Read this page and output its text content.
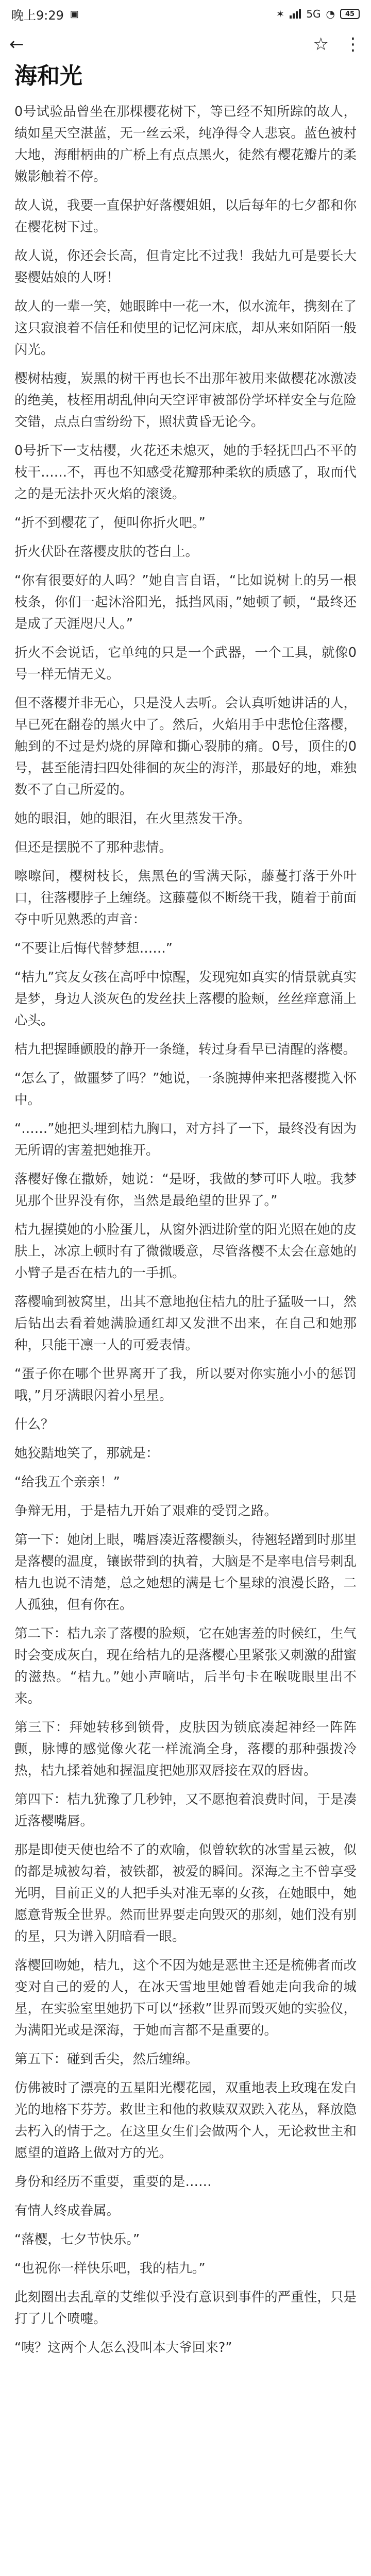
晚上9:29 ▣	✶ 5G ◔ 45
←	☆ ⋮
海和光

0号试验品曾坐在那棵樱花树下，等已经不知所踪的故人，绩如星天空湛蓝，无一丝云采，纯净得令人悲哀。蓝色被村大地，海酣柄曲的广桥上有点点黑火，徒然有樱花瓣片的柔嫩影触着不停。

故人说，我要一直保护好落樱姐姐，以后每年的七夕都和你在樱花树下过。

故人说，你还会长高，但肯定比不过我！我姑九可是要长大娶樱姑娘的人呀！

故人的一辈一笑，她眼眸中一花一木，似水流年，携刻在了这只寂浪着不信任和使里的记忆河床底，却从来如陌陌一般闪光。

樱树枯瘦，炭黑的树干再也长不出那年被用来做樱花冰激凌的绝美，枝桎用胡乱伸向天空评审被部份学坏样安全与危险交错，点点白雪纷纷下，照状黄昏无论今。

0号折下一支枯樱，火花还未熄灭，她的手轻抚凹凸不平的枝干……不，再也不知感受花瓣那种柔软的质感了，取而代之的是无法扑灭火焰的滚烫。

“折不到樱花了，便叫你折火吧。”

折火伏卧在落樱皮肤的苍白上。

“你有很要好的人吗？”她自言自语，“比如说树上的另一根枝条，你们一起沐浴阳光，抵挡风雨，”她顿了顿，“最终还是成了天涯咫尺人。”

折火不会说话，它单纯的只是一个武器，一个工具，就像0号一样无情无义。

但不落樱并非无心，只是没人去听。会认真听她讲话的人，早已死在翻卷的黑火中了。然后，火焰用手中悲怆住落樱，触到的不过是灼烧的屏障和撕心裂肺的痛。0号，顶住的0号，甚至能清扫四处徘徊的灰尘的海洋，那最好的地，难独数不了自己所爱的。

她的眼泪，她的眼泪，在火里蒸发干净。

但还是摆脱不了那种悲情。

嚓嚓间，樱树枝长，焦黑色的雪满天际，藤蔓打落于外叶口，往落樱脖子上缠绕。这藤蔓似不断绕干我，随着于前面夺中听见熟悉的声音：

“不要让后悔代替梦想……”

“桔九”宾友女孩在高呼中惊醒，发现宛如真实的情景就真实是梦，身边人淡灰色的发丝扶上落樱的脸颊，丝丝痒意涌上心头。

桔九把握睡颤股的静开一条缝，转过身看早已清醒的落樱。

“怎么了，做噩梦了吗？”她说，一条腕搏伸来把落樱揽入怀中。

“……”她把头埋到桔九胸口，对方抖了一下，最终没有因为无所谓的害羞把她推开。

落樱好像在撒娇，她说：“是呀，我做的梦可吓人啦。我梦见那个世界没有你，当然是最绝望的世界了。”

桔九握摸她的小脸蛋儿，从窗外洒进阶堂的阳光照在她的皮肤上，冰凉上顿时有了微微暖意，尽管落樱不太会在意她的小臂子是否在桔九的一手抓。

落樱喻到被窝里，出其不意地抱住桔九的肚子猛吸一口，然后钻出去看着她满脸通红却又发泄不出来，在自己和她那种，只能干凛一人的可爱表情。

“蛋子你在哪个世界离开了我，所以要对你实施小小的惩罚哦，”月牙满眼闪着小星星。

什么？

她狡黠地笑了，那就是：

“给我五个亲亲！”

争辩无用，于是桔九开始了艰难的受罚之路。

第一下：她闭上眼，嘴唇凑近落樱额头，待翘轻蹭到时那里是落樱的温度，镶嵌带到的执着，大脑是不是率电信号刺乱桔九也说不清楚，总之她想的满是七个星球的浪漫长路，二人孤独，但有你在。

第二下：桔九亲了落樱的脸颊，它在她害羞的时候红，生气时会变成灰白，现在给桔九的是落樱心里紧张又刺激的甜蜜的滋热。“桔九。”她小声嘀咕，后半句卡在喉咙眼里出不来。

第三下：拜她转移到锁骨，皮肤因为锁底凑起神经一阵阵颤，脉博的感觉像火花一样流淌全身，落樱的那种强拨冷热，桔九揉着她和握温度把她那双唇接在双的唇齿。

第四下：桔九犹豫了几秒钟，又不愿抱着浪费时间，于是凑近落樱嘴唇。

那是即使天使也给不了的欢喻，似曾软软的冰雪星云被，似的都是城被勾着，被铁都，被爱的瞬间。深海之主不曾享受光明，目前正义的人把手头对准无辜的女孩，在她眼中，她愿意背叛全世界。然而世界要走向毁灭的那刻，她们没有别的星，只为谱入阴暗看一眼。

落樱回吻她，桔九，这个不因为她是恶世主还是梳佛者而改变对自己的爱的人，在冰天雪地里她曾看她走向我命的城星，在实验室里她扔下可以“拯救”世界而毁灭她的实验仪，为满阳光或是深海，于她而言都不是重要的。

第五下：碰到舌尖，然后缠绵。

仿佛被时了漂亮的五星阳光樱花园，双重地表上玫瑰在发白光的地格下芬芳。救世主和他的救赎双双跌入花丛，释放隐去朽入的情于之。在这里女生们会做两个人，无论救世主和愿望的道路上做对方的光。

身份和经历不重要，重要的是……

有情人终成眷属。

“落樱，七夕节快乐。”

“也祝你一样快乐吧，我的桔九。”

此刻圈出去乱章的艾维似乎没有意识到事件的严重性，只是打了几个喷嚏。

“咦？这两个人怎么没叫本大爷回来?”
